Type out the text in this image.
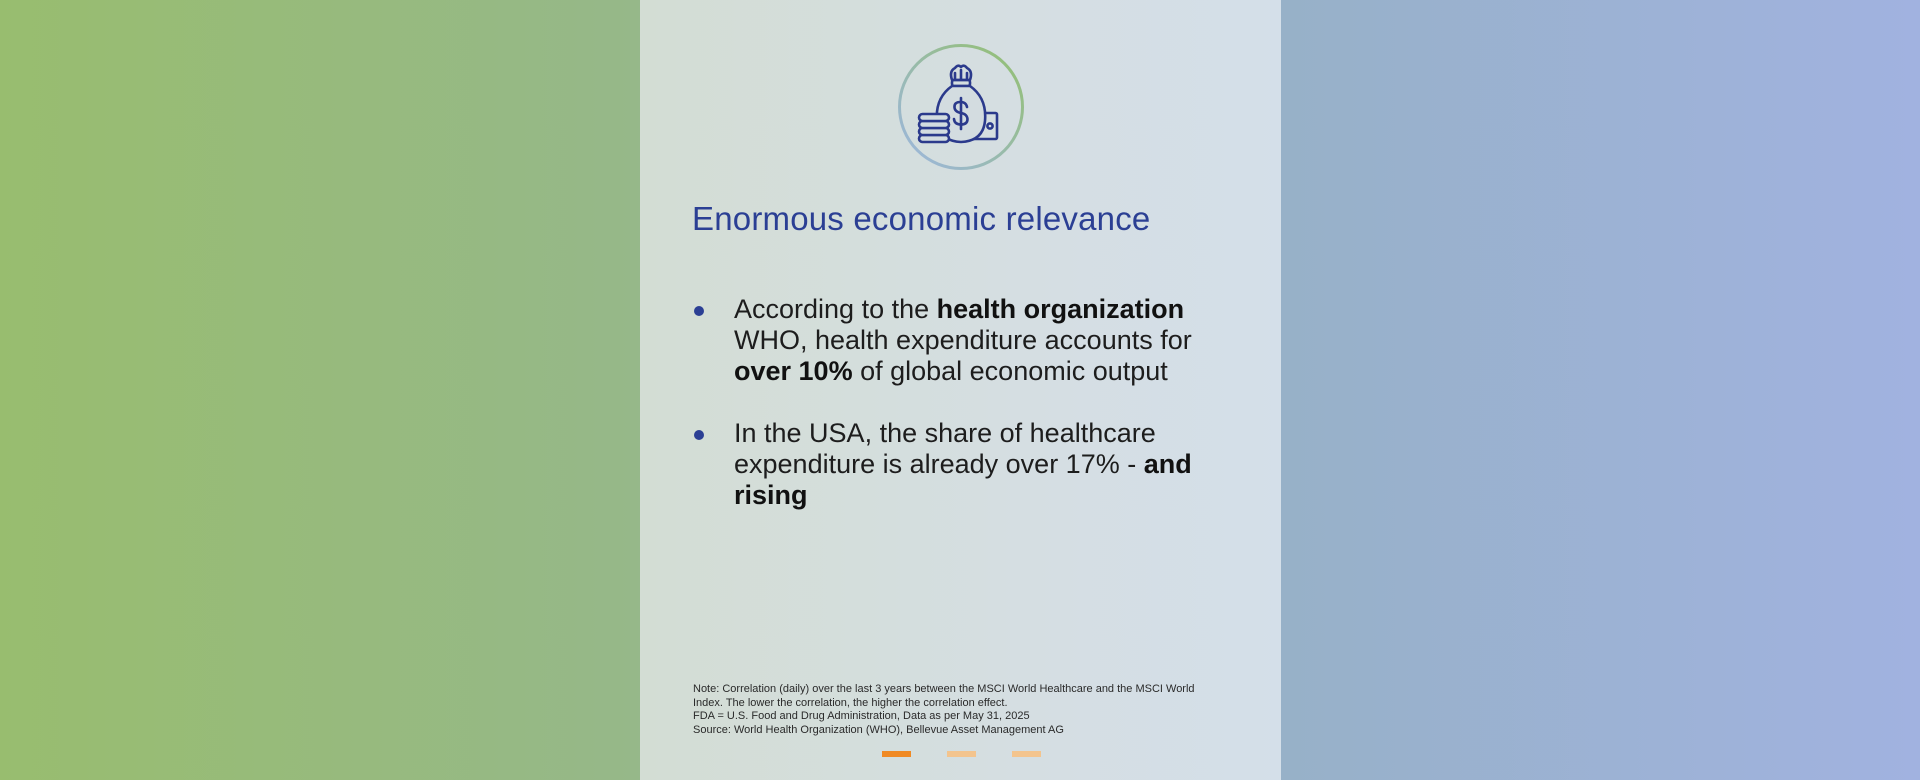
Enormous economic relevance
According to the health organization WHO, health expenditure accounts for over 10% of global economic output
In the USA, the share of healthcare expenditure is already over 17% - and rising
Note: Correlation (daily) over the last 3 years between the MSCI World Healthcare and the MSCI World
Index. The lower the correlation, the higher the correlation effect.
FDA = U.S. Food and Drug Administration, Data as per May 31, 2025
Source: World Health Organization (WHO), Bellevue Asset Management AG
